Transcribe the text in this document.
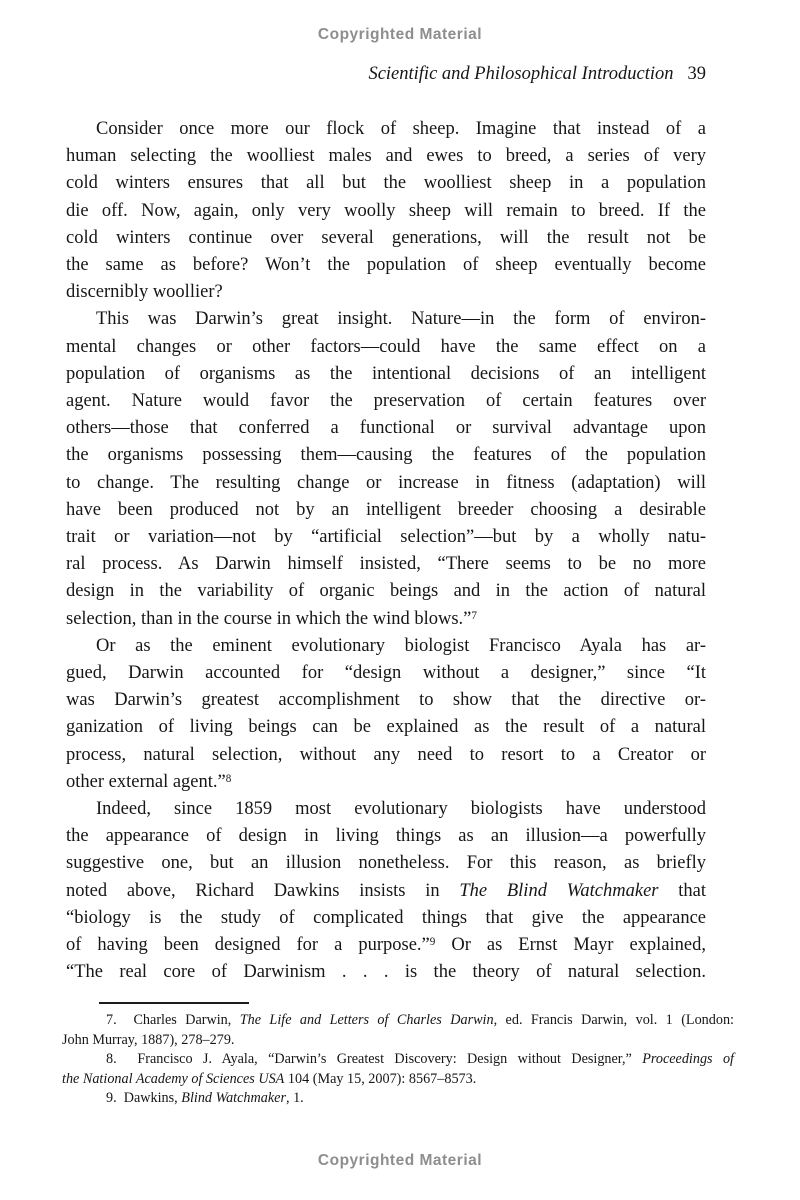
Copyrighted Material
Scientific and Philosophical Introduction 39
Consider once more our flock of sheep. Imagine that instead of a
human selecting the woolliest males and ewes to breed, a series of very
cold winters ensures that all but the woolliest sheep in a population
die off. Now, again, only very woolly sheep will remain to breed. If the
cold winters continue over several generations, will the result not be
the same as before? Won’t the population of sheep eventually become
discernibly woollier?
This was Darwin’s great insight. Nature—in the form of environ-
mental changes or other factors—could have the same effect on a
population of organisms as the intentional decisions of an intelligent
agent. Nature would favor the preservation of certain features over
others—those that conferred a functional or survival advantage upon
the organisms possessing them—causing the features of the population
to change. The resulting change or increase in fitness (adaptation) will
have been produced not by an intelligent breeder choosing a desirable
trait or variation—not by “artificial selection”—but by a wholly natu-
ral process. As Darwin himself insisted, “There seems to be no more
design in the variability of organic beings and in the action of natural
selection, than in the course in which the wind blows.”$^7$
Or as the eminent evolutionary biologist Francisco Ayala has ar-
gued, Darwin accounted for “design without a designer,” since “It
was Darwin’s greatest accomplishment to show that the directive or-
ganization of living beings can be explained as the result of a natural
process, natural selection, without any need to resort to a Creator or
other external agent.”$^8$
Indeed, since 1859 most evolutionary biologists have understood
the appearance of design in living things as an illusion—a powerfully
suggestive one, but an illusion nonetheless. For this reason, as briefly
noted above, Richard Dawkins insists in The Blind Watchmaker that
“biology is the study of complicated things that give the appearance
of having been designed for a purpose.”$^9$ Or as Ernst Mayr explained,
“The real core of Darwinism . . . is the theory of natural selection.
7.  Charles Darwin, The Life and Letters of Charles Darwin, ed. Francis Darwin, vol. 1 (London:
John Murray, 1887), 278–279.
8.  Francisco J. Ayala, “Darwin’s Greatest Discovery: Design without Designer,” Proceedings of
the National Academy of Sciences USA 104 (May 15, 2007): 8567–8573.
9.  Dawkins, Blind Watchmaker, 1.
Copyrighted Material
